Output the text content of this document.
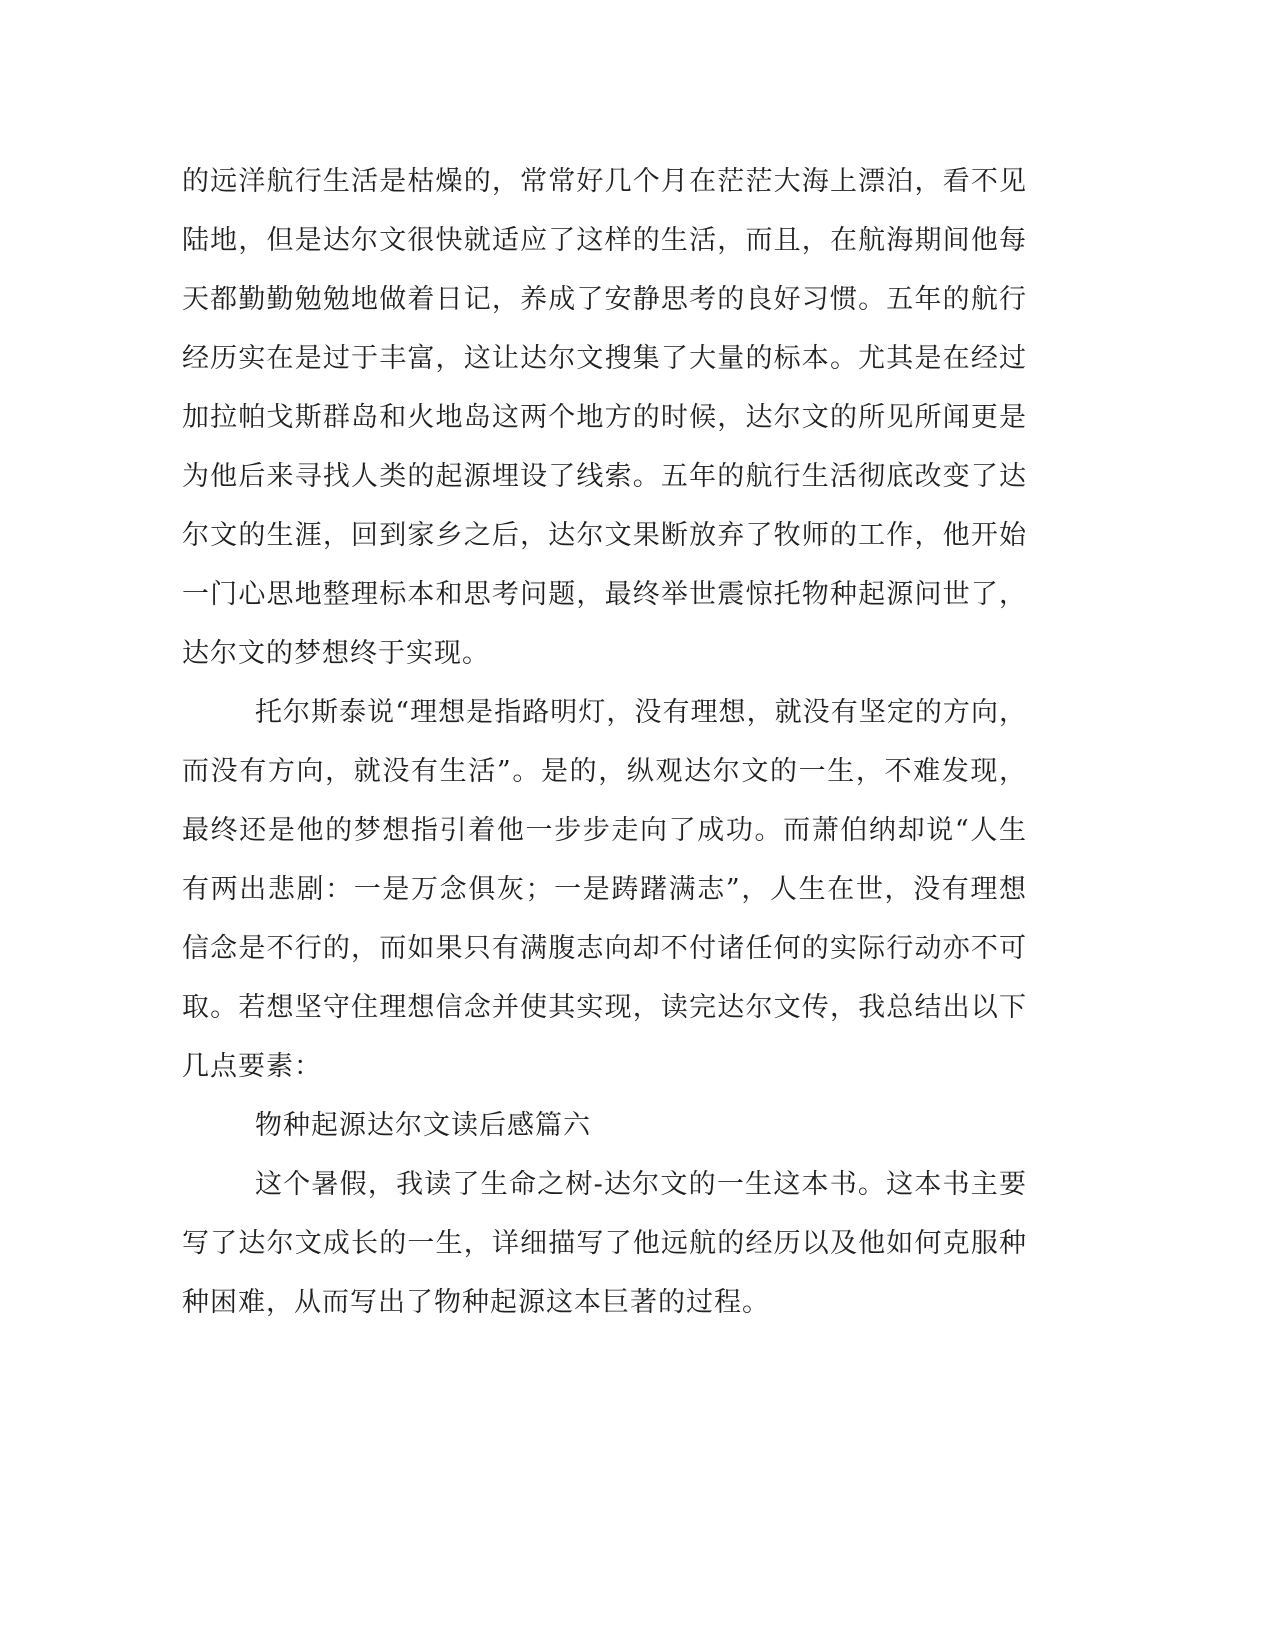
的远洋航行生活是枯燥的，常常好几个月在茫茫大海上漂泊，看不见陆地，但是达尔文很快就适应了这样的生活，而且，在航海期间他每天都勤勤勉勉地做着日记，养成了安静思考的良好习惯。五年的航行经历实在是过于丰富，这让达尔文搜集了大量的标本。尤其是在经过加拉帕戈斯群岛和火地岛这两个地方的时候，达尔文的所见所闻更是为他后来寻找人类的起源埋设了线索。五年的航行生活彻底改变了达尔文的生涯，回到家乡之后，达尔文果断放弃了牧师的工作，他开始一门心思地整理标本和思考问题，最终举世震惊托物种起源问世了，达尔文的梦想终于实现。

托尔斯泰说“理想是指路明灯，没有理想，就没有坚定的方向，而没有方向，就没有生活”。是的，纵观达尔文的一生，不难发现，最终还是他的梦想指引着他一步步走向了成功。而萧伯纳却说“人生有两出悲剧：一是万念俱灰；一是踌躇满志”，人生在世，没有理想信念是不行的，而如果只有满腹志向却不付诸任何的实际行动亦不可取。若想坚守住理想信念并使其实现，读完达尔文传，我总结出以下几点要素：

物种起源达尔文读后感篇六

这个暑假，我读了生命之树-达尔文的一生这本书。这本书主要写了达尔文成长的一生，详细描写了他远航的经历以及他如何克服种种困难，从而写出了物种起源这本巨著的过程。
